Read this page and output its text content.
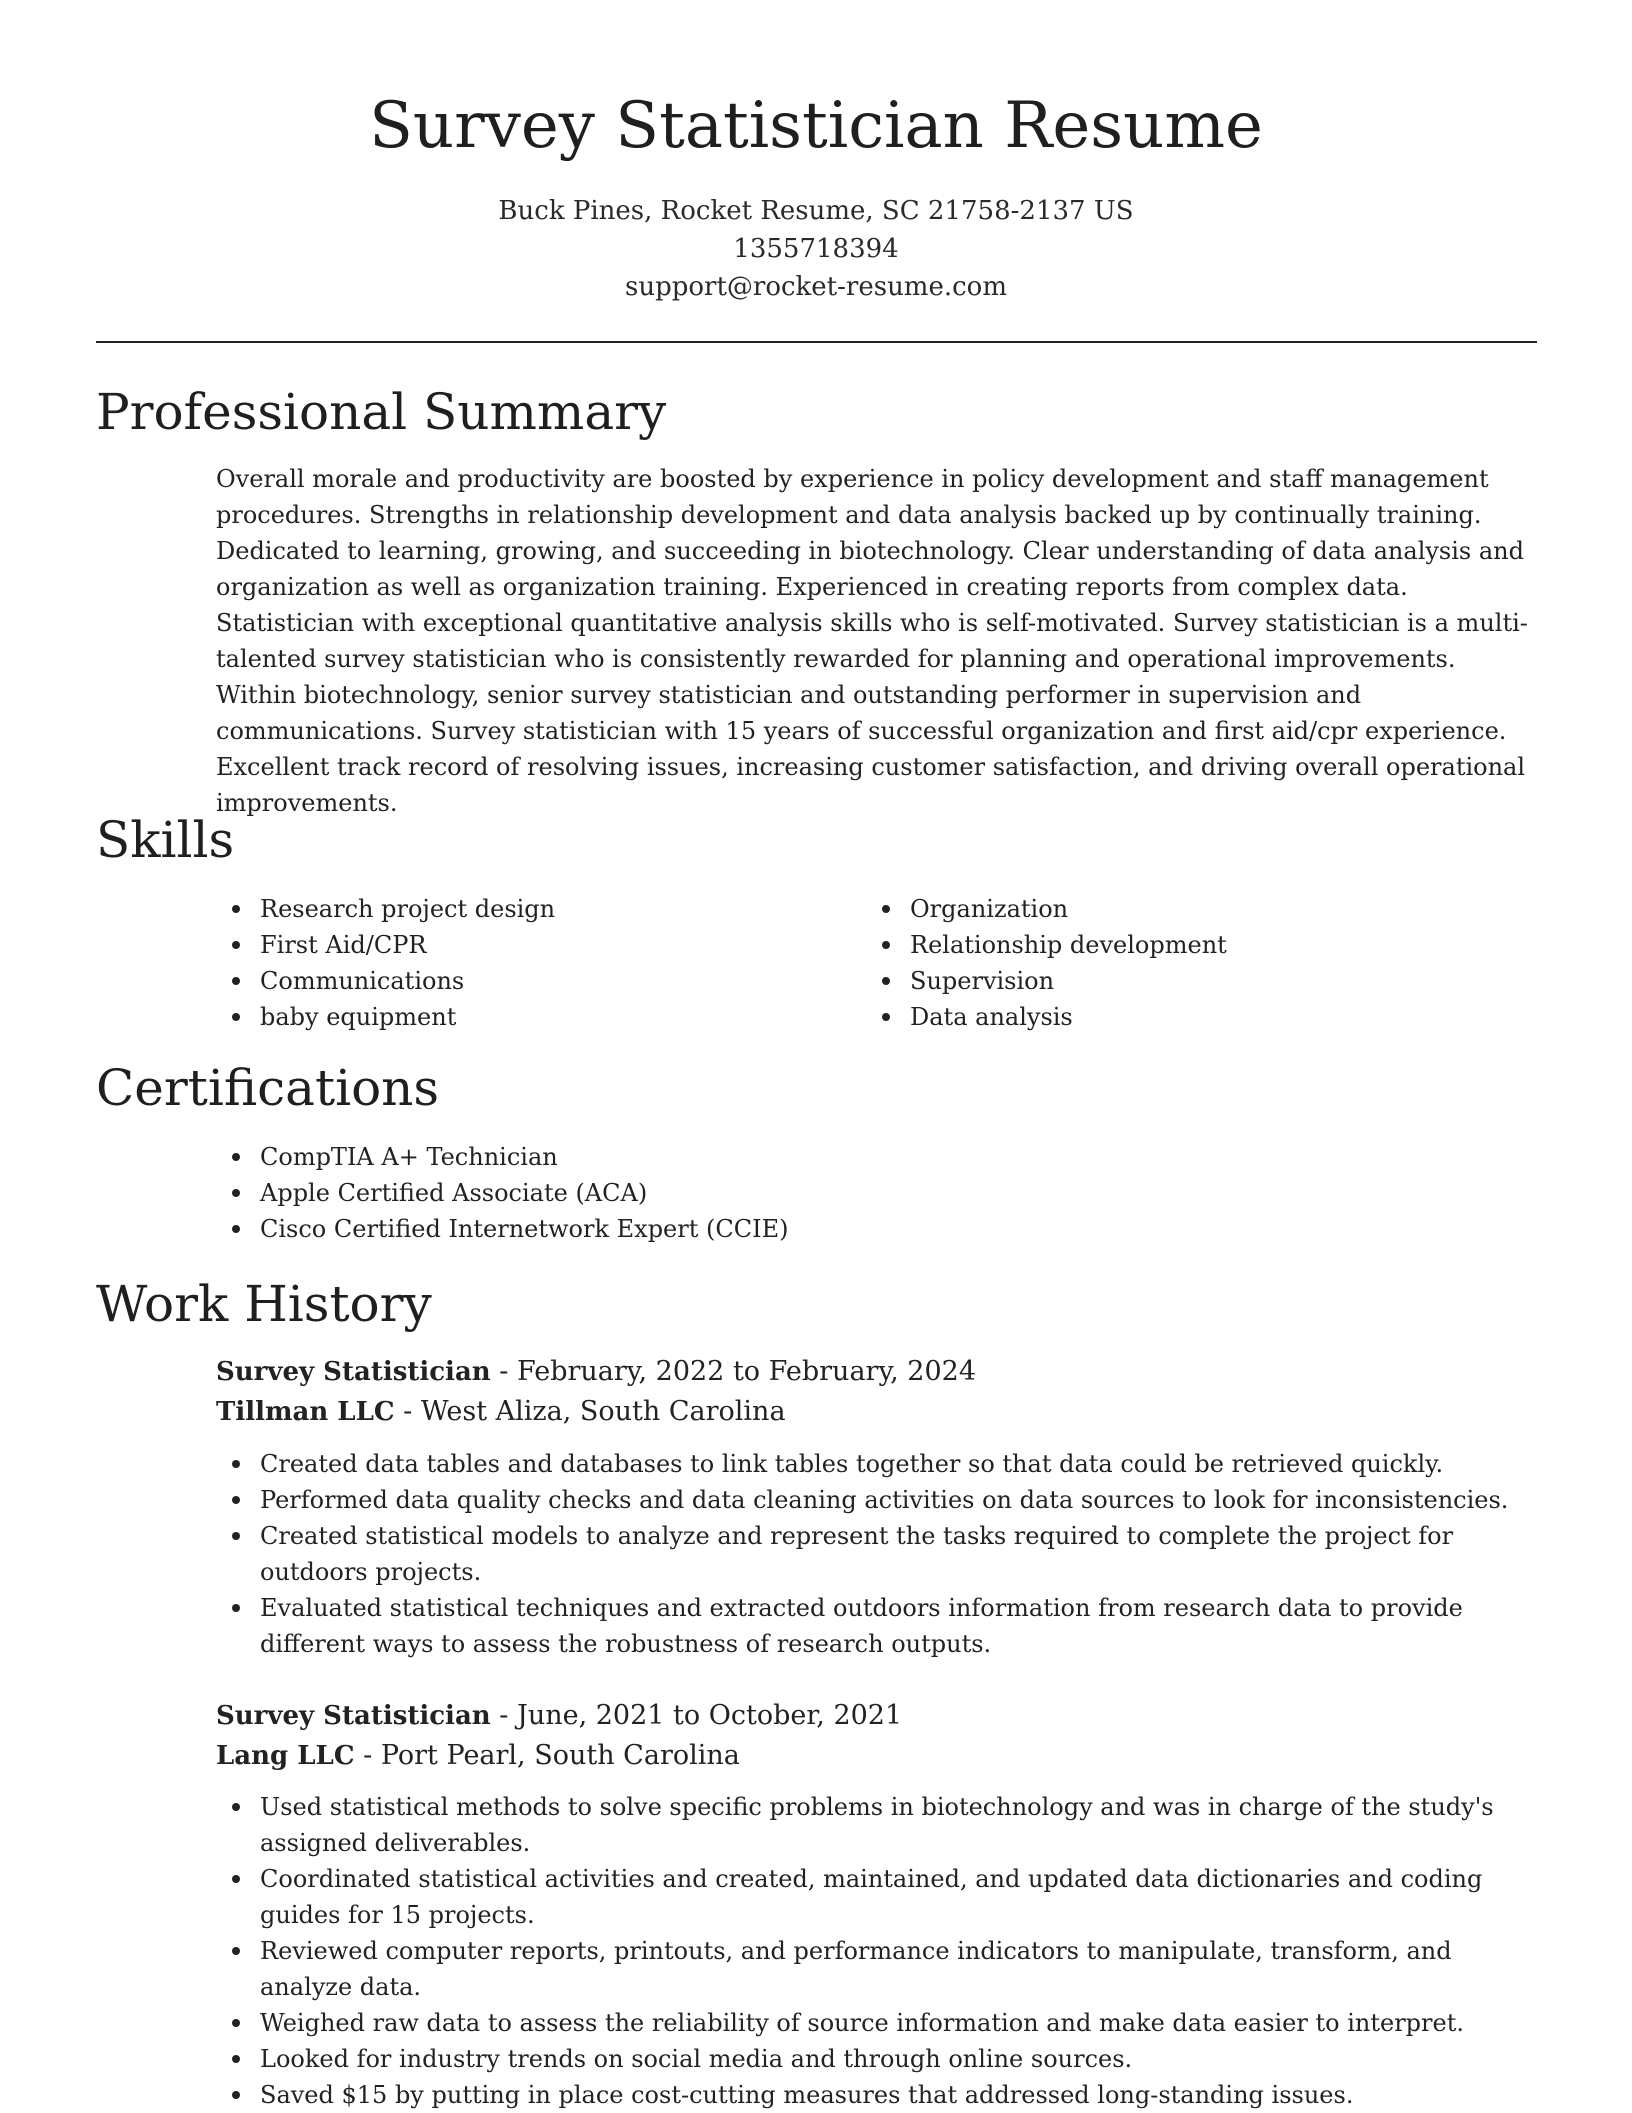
Survey Statistician Resume
Buck Pines, Rocket Resume, SC 21758-2137 US
1355718394
support@rocket-resume.com
Professional Summary

Overall morale and productivity are boosted by experience in policy development and staff management procedures. Strengths in relationship development and data analysis backed up by continually training. Dedicated to learning, growing, and succeeding in biotechnology. Clear understanding of data analysis and organization as well as organization training. Experienced in creating reports from complex data. Statistician with exceptional quantitative analysis skills who is self-motivated. Survey statistician is a multi-talented survey statistician who is consistently rewarded for planning and operational improvements. Within biotechnology, senior survey statistician and outstanding performer in supervision and communications. Survey statistician with 15 years of successful organization and first aid/cpr experience. Excellent track record of resolving issues, increasing customer satisfaction, and driving overall operational improvements.

Skills
Research project design
First Aid/CPR
Communications
baby equipment
Organization
Relationship development
Supervision
Data analysis
Certifications
CompTIA A+ Technician
Apple Certified Associate (ACA)
Cisco Certified Internetwork Expert (CCIE)
Work History
Survey Statistician - February, 2022 to February, 2024
Tillman LLC - West Aliza, South Carolina
Created data tables and databases to link tables together so that data could be retrieved quickly.
Performed data quality checks and data cleaning activities on data sources to look for inconsistencies.
Created statistical models to analyze and represent the tasks required to complete the project for outdoors projects.
Evaluated statistical techniques and extracted outdoors information from research data to provide different ways to assess the robustness of research outputs.
Survey Statistician - June, 2021 to October, 2021
Lang LLC - Port Pearl, South Carolina
Used statistical methods to solve specific problems in biotechnology and was in charge of the study's assigned deliverables.
Coordinated statistical activities and created, maintained, and updated data dictionaries and coding guides for 15 projects.
Reviewed computer reports, printouts, and performance indicators to manipulate, transform, and analyze data.
Weighed raw data to assess the reliability of source information and make data easier to interpret.
Looked for industry trends on social media and through online sources.
Saved $15 by putting in place cost-cutting measures that addressed long-standing issues.
